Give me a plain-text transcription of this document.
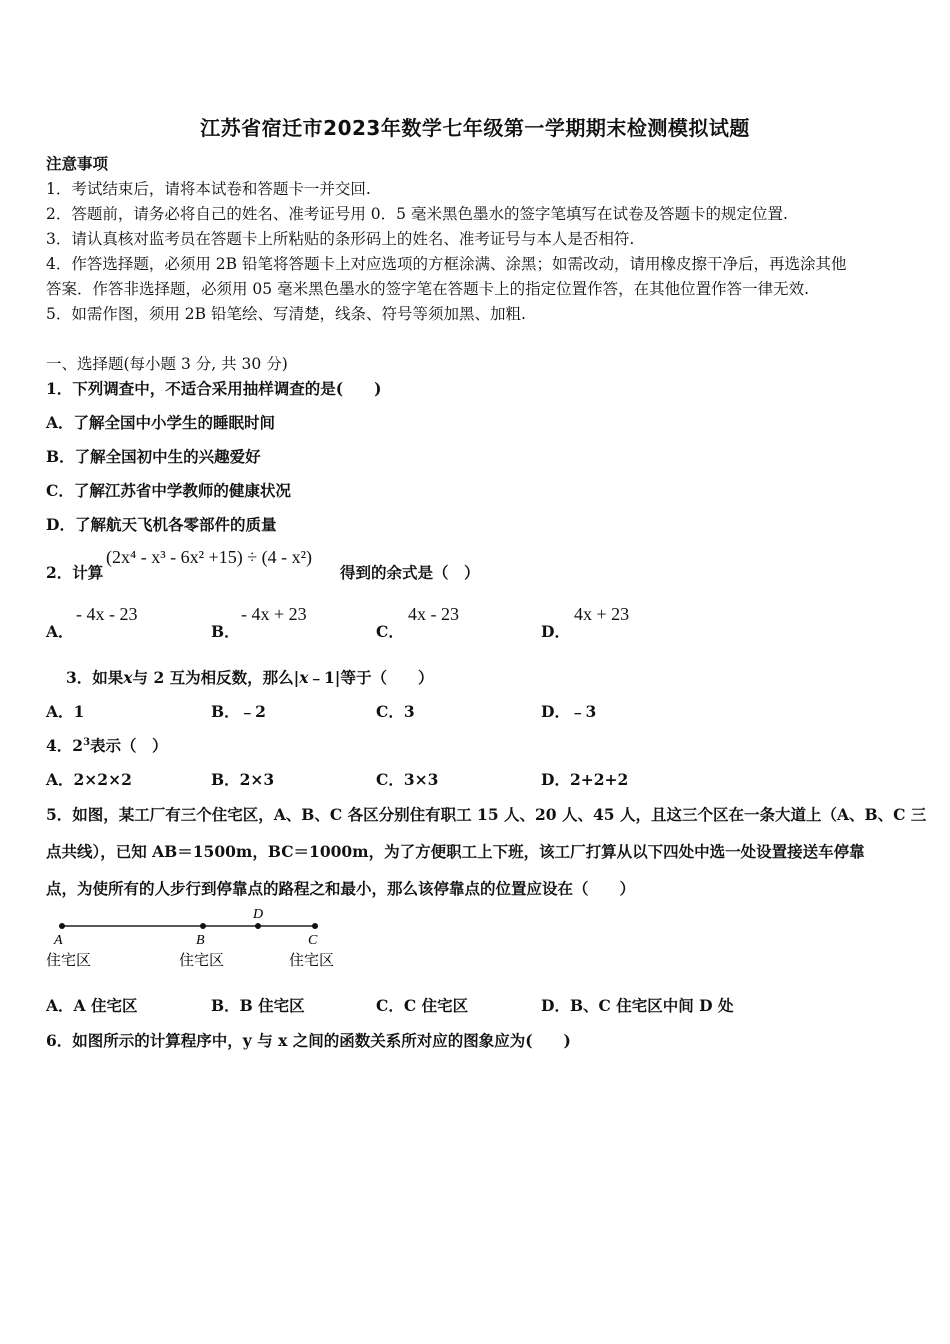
江苏省宿迁市2023年数学七年级第一学期期末检测模拟试题
注意事项
1．考试结束后，请将本试卷和答题卡一并交回.
2．答题前，请务必将自己的姓名、准考证号用 0．5 毫米黑色墨水的签字笔填写在试卷及答题卡的规定位置.
3．请认真核对监考员在答题卡上所粘贴的条形码上的姓名、准考证号与本人是否相符.
4．作答选择题，必须用 2B 铅笔将答题卡上对应选项的方框涂满、涂黑；如需改动，请用橡皮擦干净后，再选涂其他
答案．作答非选择题，必须用 05 毫米黑色墨水的签字笔在答题卡上的指定位置作答，在其他位置作答一律无效.
5．如需作图，须用 2B 铅笔绘、写清楚，线条、符号等须加黑、加粗.
一、选择题(每小题 3 分, 共 30 分)
1．下列调查中，不适合采用抽样调查的是(　　)
A．了解全国中小学生的睡眠时间
B．了解全国初中生的兴趣爱好
C．了解江苏省中学教师的健康状况
D．了解航天飞机各零部件的质量
2．计算
(2x⁴ - x³ - 6x² +15) ÷ (4 - x²)
得到的余式是（　）
A．
- 4x - 23
B．
- 4x + 23
C．
4x - 23
D．
4x + 23
3．如果x与 2 互为相反数，那么|x﹣1|等于（　　）
A．1	B．﹣2	C．3	D．﹣3
4．$2^3$表示（　）
A．2×2×2	B．2×3	C．3×3	D．2+2+2
5．如图，某工厂有三个住宅区，A、B、C 各区分别住有职工 15 人、20 人、45 人，且这三个区在一条大道上（A、B、C 三
点共线），已知 AB＝1500m，BC＝1000m，为了方便职工上下班，该工厂打算从以下四处中选一处设置接送车停靠
点，为使所有的人步行到停靠点的路程之和最小，那么该停靠点的位置应设在（　　）
A	B
D
C
住宅区	住宅区	住宅区
A．A 住宅区	B．B 住宅区	C．C 住宅区	D．B、C 住宅区中间 D 处
6．如图所示的计算程序中，y 与 x 之间的函数关系所对应的图象应为(　　)
